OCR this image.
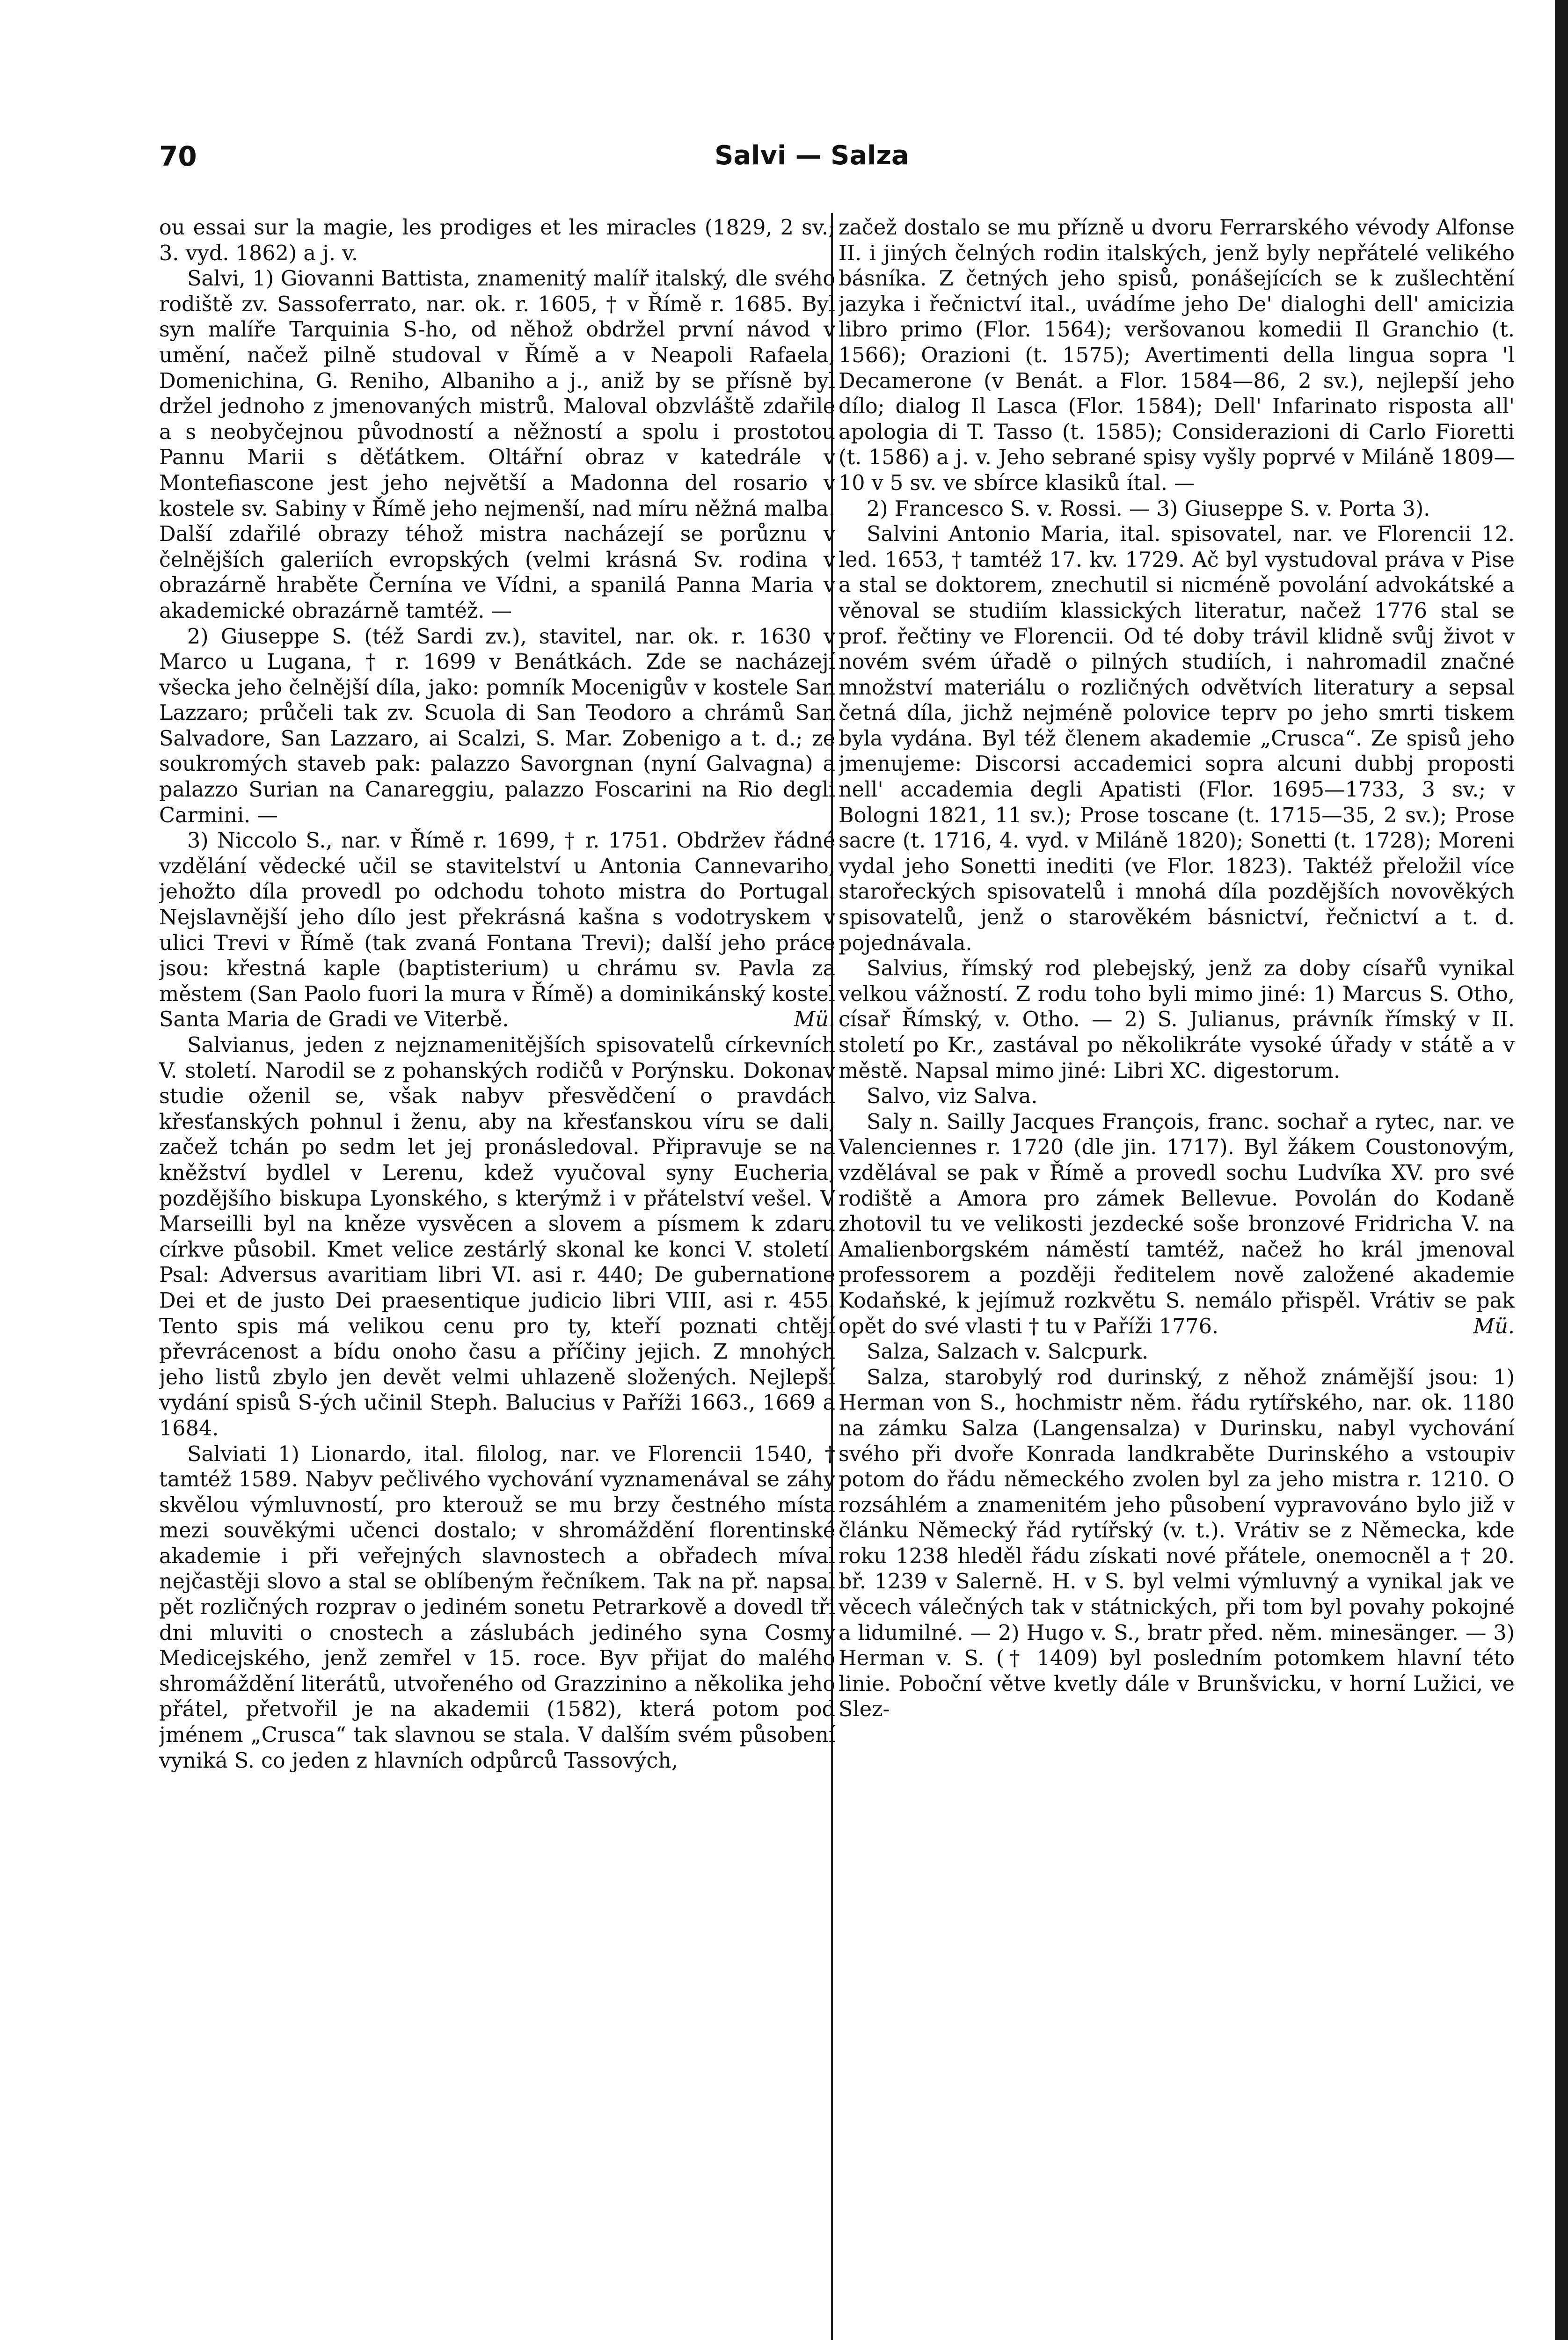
70	Salvi — Salza

ou essai sur la magie, les prodiges et les miracles (1829, 2 sv.; 3. vyd. 1862) a j. v.

Salvi, 1) Giovanni Battista, znamenitý malíř italský, dle svého rodiště zv. Sassoferrato, nar. ok. r. 1605, † v Římě r. 1685. Byl syn malíře Tarquinia S-ho, od něhož obdržel první návod v umění, načež pilně studoval v Římě a v Neapoli Rafaela, Domenichina, G. Reniho, Albaniho a j., aniž by se přísně byl držel jednoho z jmenovaných mistrů. Maloval obzvláště zdařile a s neobyčejnou původností a něžností a spolu i prostotou Pannu Marii s děťátkem. Oltářní obraz v katedrále v Montefiascone jest jeho největší a Madonna del rosario v kostele sv. Sabiny v Římě jeho nejmenší, nad míru něžná malba. Další zdařilé obrazy téhož mistra nacházejí se porůznu v čelnějších galeriích evropských (velmi krásná Sv. rodina v obrazárně hraběte Černína ve Vídni, a spanilá Panna Maria v akademické obrazárně tamtéž. —

2) Giuseppe S. (též Sardi zv.), stavitel, nar. ok. r. 1630 v Marco u Lugana, † r. 1699 v Benátkách. Zde se nacházejí všecka jeho čelnější díla, jako: pomník Mocenigův v kostele San Lazzaro; průčeli tak zv. Scuola di San Teodoro a chrámů San Salvadore, San Lazzaro, ai Scalzi, S. Mar. Zobenigo a t. d.; ze soukromých staveb pak: palazzo Savorgnan (nyní Galvagna) a palazzo Surian na Canareggiu, palazzo Foscarini na Rio degli Carmini. —

3) Niccolo S., nar. v Římě r. 1699, † r. 1751. Obdržev řádné vzdělání vědecké učil se stavitelství u Antonia Cannevariho, jehožto díla provedl po odchodu tohoto mistra do Portugal. Nejslavnější jeho dílo jest překrásná kašna s vodotryskem v ulici Trevi v Římě (tak zvaná Fontana Trevi); další jeho práce jsou: křestná kaple (baptisterium) u chrámu sv. Pavla za městem (San Paolo fuori la mura v Římě) a dominikánský kostel Santa Maria de Gradi ve Viterbě.	Mü.

Salvianus, jeden z nejznamenitějších spisovatelů církevních V. století. Narodil se z pohanských rodičů v Porýnsku. Dokonav studie oženil se, však nabyv přesvědčení o pravdách křesťanských pohnul i ženu, aby na křesťanskou víru se dali, začež tchán po sedm let jej pronásledoval. Připravuje se na kněžství bydlel v Lerenu, kdež vyučoval syny Eucheria, pozdějšího biskupa Lyonského, s kterýmž i v přátelství vešel. V Marseilli byl na kněze vysvěcen a slovem a písmem k zdaru církve působil. Kmet velice zestárlý skonal ke konci V. století. Psal: Adversus avaritiam libri VI. asi r. 440; De gubernatione Dei et de justo Dei praesentique judicio libri VIII, asi r. 455. Tento spis má velikou cenu pro ty, kteří poznati chtějí převrácenost a bídu onoho času a příčiny jejich. Z mnohých jeho listů zbylo jen devět velmi uhlazeně složených. Nejlepší vydání spisů S-ých učinil Steph. Balucius v Paříži 1663., 1669 a 1684.

Salviati 1) Lionardo, ital. filolog, nar. ve Florencii 1540, † tamtéž 1589. Nabyv pečlivého vychování vyznamenával se záhy skvělou výmluvností, pro kterouž se mu brzy čestného místa mezi souvěkými učenci dostalo; v shromáždění florentinské akademie i při veřejných slavnostech a obřadech míval nejčastěji slovo a stal se oblíbeným řečníkem. Tak na př. napsal pět rozličných rozprav o jediném sonetu Petrarkově a dovedl tři dni mluviti o cnostech a záslubách jediného syna Cosmy Medicejského, jenž zemřel v 15. roce. Byv přijat do malého shromáždění literátů, utvořeného od Grazzinino a několika jeho přátel, přetvořil je na akademii (1582), která potom pod jménem „Crusca“ tak slavnou se stala. V dalším svém působení vyniká S. co jeden z hlavních odpůrců Tassových,

začež dostalo se mu přízně u dvoru Ferrarského vévody Alfonse II. i jiných čelných rodin italských, jenž byly nepřátelé velikého básníka. Z četných jeho spisů, ponášejících se k zušlechtění jazyka i řečnictví ital., uvádíme jeho De' dialoghi dell' amicizia libro primo (Flor. 1564); veršovanou komedii Il Granchio (t. 1566); Orazioni (t. 1575); Avertimenti della lingua sopra 'l Decamerone (v Benát. a Flor. 1584—86, 2 sv.), nejlepší jeho dílo; dialog Il Lasca (Flor. 1584); Dell' Infarinato risposta all' apologia di T. Tasso (t. 1585); Considerazioni di Carlo Fioretti (t. 1586) a j. v. Jeho sebrané spisy vyšly poprvé v Miláně 1809—10 v 5 sv. ve sbírce klasiků ítal. —

2) Francesco S. v. Rossi. — 3) Giuseppe S. v. Porta 3).

Salvini Antonio Maria, ital. spisovatel, nar. ve Florencii 12. led. 1653, † tamtéž 17. kv. 1729. Ač byl vystudoval práva v Pise a stal se doktorem, znechutil si nicméně povolání advokátské a věnoval se studiím klassických literatur, načež 1776 stal se prof. řečtiny ve Florencii. Od té doby trávil klidně svůj život v novém svém úřadě o pilných studiích, i nahromadil značné množství materiálu o rozličných odvětvích literatury a sepsal četná díla, jichž nejméně polovice teprv po jeho smrti tiskem byla vydána. Byl též členem akademie „Crusca“. Ze spisů jeho jmenujeme: Discorsi accademici sopra alcuni dubbj proposti nell' accademia degli Apatisti (Flor. 1695—1733, 3 sv.; v Bologni 1821, 11 sv.); Prose toscane (t. 1715—35, 2 sv.); Prose sacre (t. 1716, 4. vyd. v Miláně 1820); Sonetti (t. 1728); Moreni vydal jeho Sonetti inediti (ve Flor. 1823). Taktéž přeložil více starořeckých spisovatelů i mnohá díla pozdějších novověkých spisovatelů, jenž o starověkém básnictví, řečnictví a t. d. pojednávala.

Salvius, římský rod plebejský, jenž za doby císařů vynikal velkou vážností. Z rodu toho byli mimo jiné: 1) Marcus S. Otho, císař Římský, v. Otho. — 2) S. Julianus, právník římský v II. století po Kr., zastával po několikráte vysoké úřady v státě a v městě. Napsal mimo jiné: Libri XC. digestorum.

Salvo, viz Salva.

Saly n. Sailly Jacques François, franc. sochař a rytec, nar. ve Valenciennes r. 1720 (dle jin. 1717). Byl žákem Coustonovým, vzdělával se pak v Římě a provedl sochu Ludvíka XV. pro své rodiště a Amora pro zámek Bellevue. Povolán do Kodaně zhotovil tu ve velikosti jezdecké soše bronzové Fridricha V. na Amalienborgském náměstí tamtéž, načež ho král jmenoval professorem a později ředitelem nově založené akademie Kodaňské, k jejímuž rozkvětu S. nemálo přispěl. Vrátiv se pak opět do své vlasti † tu v Paříži 1776.	Mü.

Salza, Salzach v. Salcpurk.

Salza, starobylý rod durinský, z něhož známější jsou: 1) Herman von S., hochmistr něm. řádu rytířského, nar. ok. 1180 na zámku Salza (Langensalza) v Durinsku, nabyl vychování svého při dvoře Konrada landkraběte Durinského a vstoupiv potom do řádu německého zvolen byl za jeho mistra r. 1210. O rozsáhlém a znamenitém jeho působení vypravováno bylo již v článku Německý řád rytířský (v. t.). Vrátiv se z Německa, kde roku 1238 hleděl řádu získati nové přátele, onemocněl a † 20. bř. 1239 v Salerně. H. v S. byl velmi výmluvný a vynikal jak ve věcech válečných tak v státnických, při tom byl povahy pokojné a lidumilné. — 2) Hugo v. S., bratr před. něm. minesänger. — 3) Herman v. S. († 1409) byl posledním potomkem hlavní této linie. Poboční větve kvetly dále v Brunšvicku, v horní Lužici, ve Slez-
